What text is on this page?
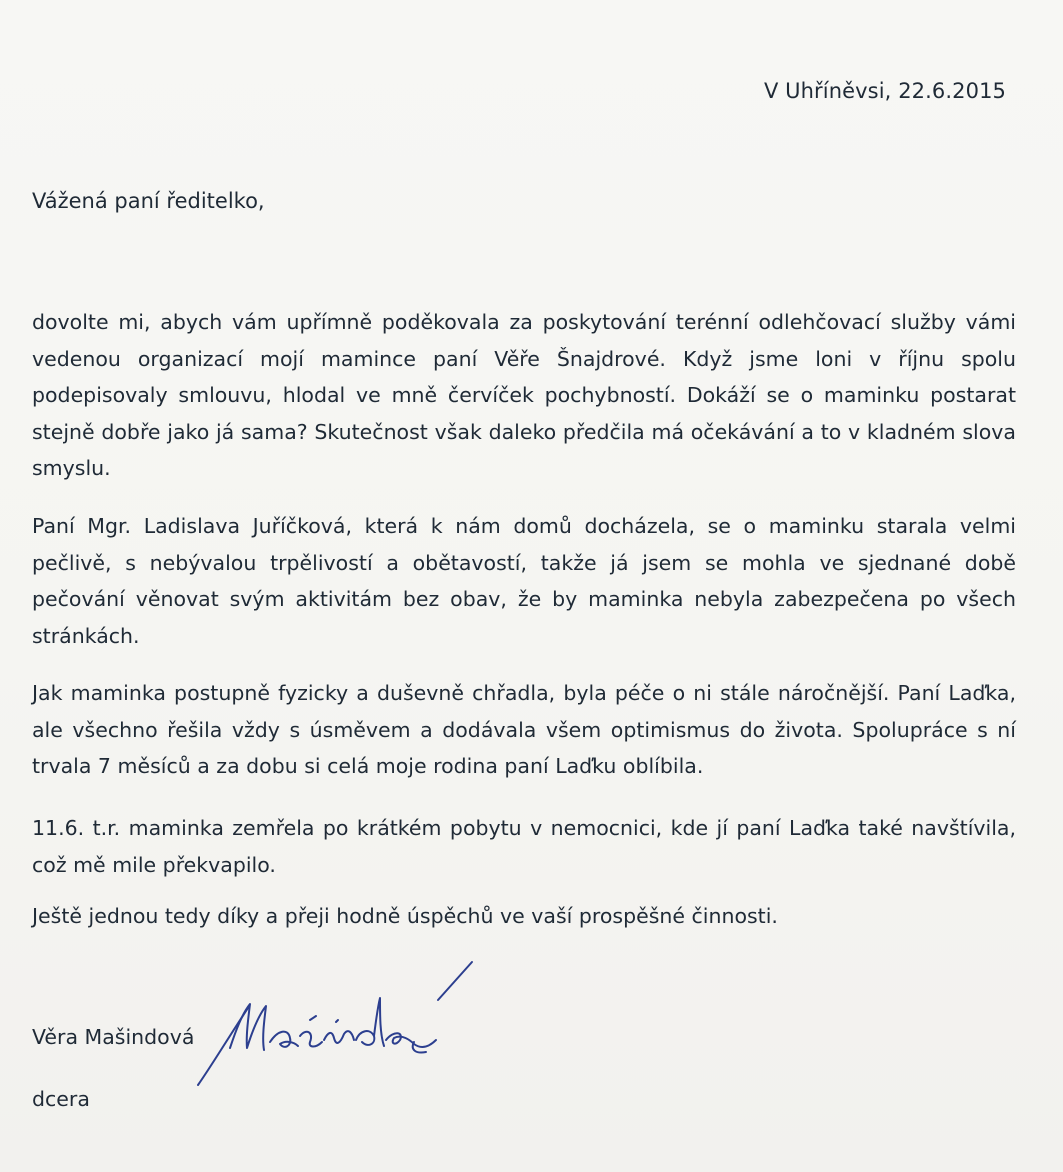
V Uhříněvsi, 22.6.2015
Vážená paní ředitelko,

dovolte mi, abych vám upřímně poděkovala za poskytování terénní odlehčovací služby vámi vedenou organizací mojí mamince paní Věře Šnajdrové. Když jsme loni v říjnu spolu podepisovaly smlouvu, hlodal ve mně červíček pochybností. Dokáží se o maminku postarat stejně dobře jako já sama? Skutečnost však daleko předčila má očekávání a to v kladném slova smyslu.

Paní Mgr. Ladislava Juříčková, která k nám domů docházela, se o maminku starala velmi pečlivě, s nebývalou trpělivostí a obětavostí, takže já jsem se mohla ve sjednané době pečování věnovat svým aktivitám bez obav, že by maminka nebyla zabezpečena po všech stránkách.

Jak maminka postupně fyzicky a duševně chřadla, byla péče o ni stále náročnější. Paní Laďka, ale všechno řešila vždy s úsměvem a dodávala všem optimismus do života. Spolupráce s ní trvala 7 měsíců a za dobu si celá moje rodina paní Laďku oblíbila.

11.6. t.r. maminka zemřela po krátkém pobytu v nemocnici, kde jí paní Laďka také navštívila, což mě mile překvapilo.

Ještě jednou tedy díky a přeji hodně úspěchů ve vaší prospěšné činnosti.

Věra Mašindová
dcera
